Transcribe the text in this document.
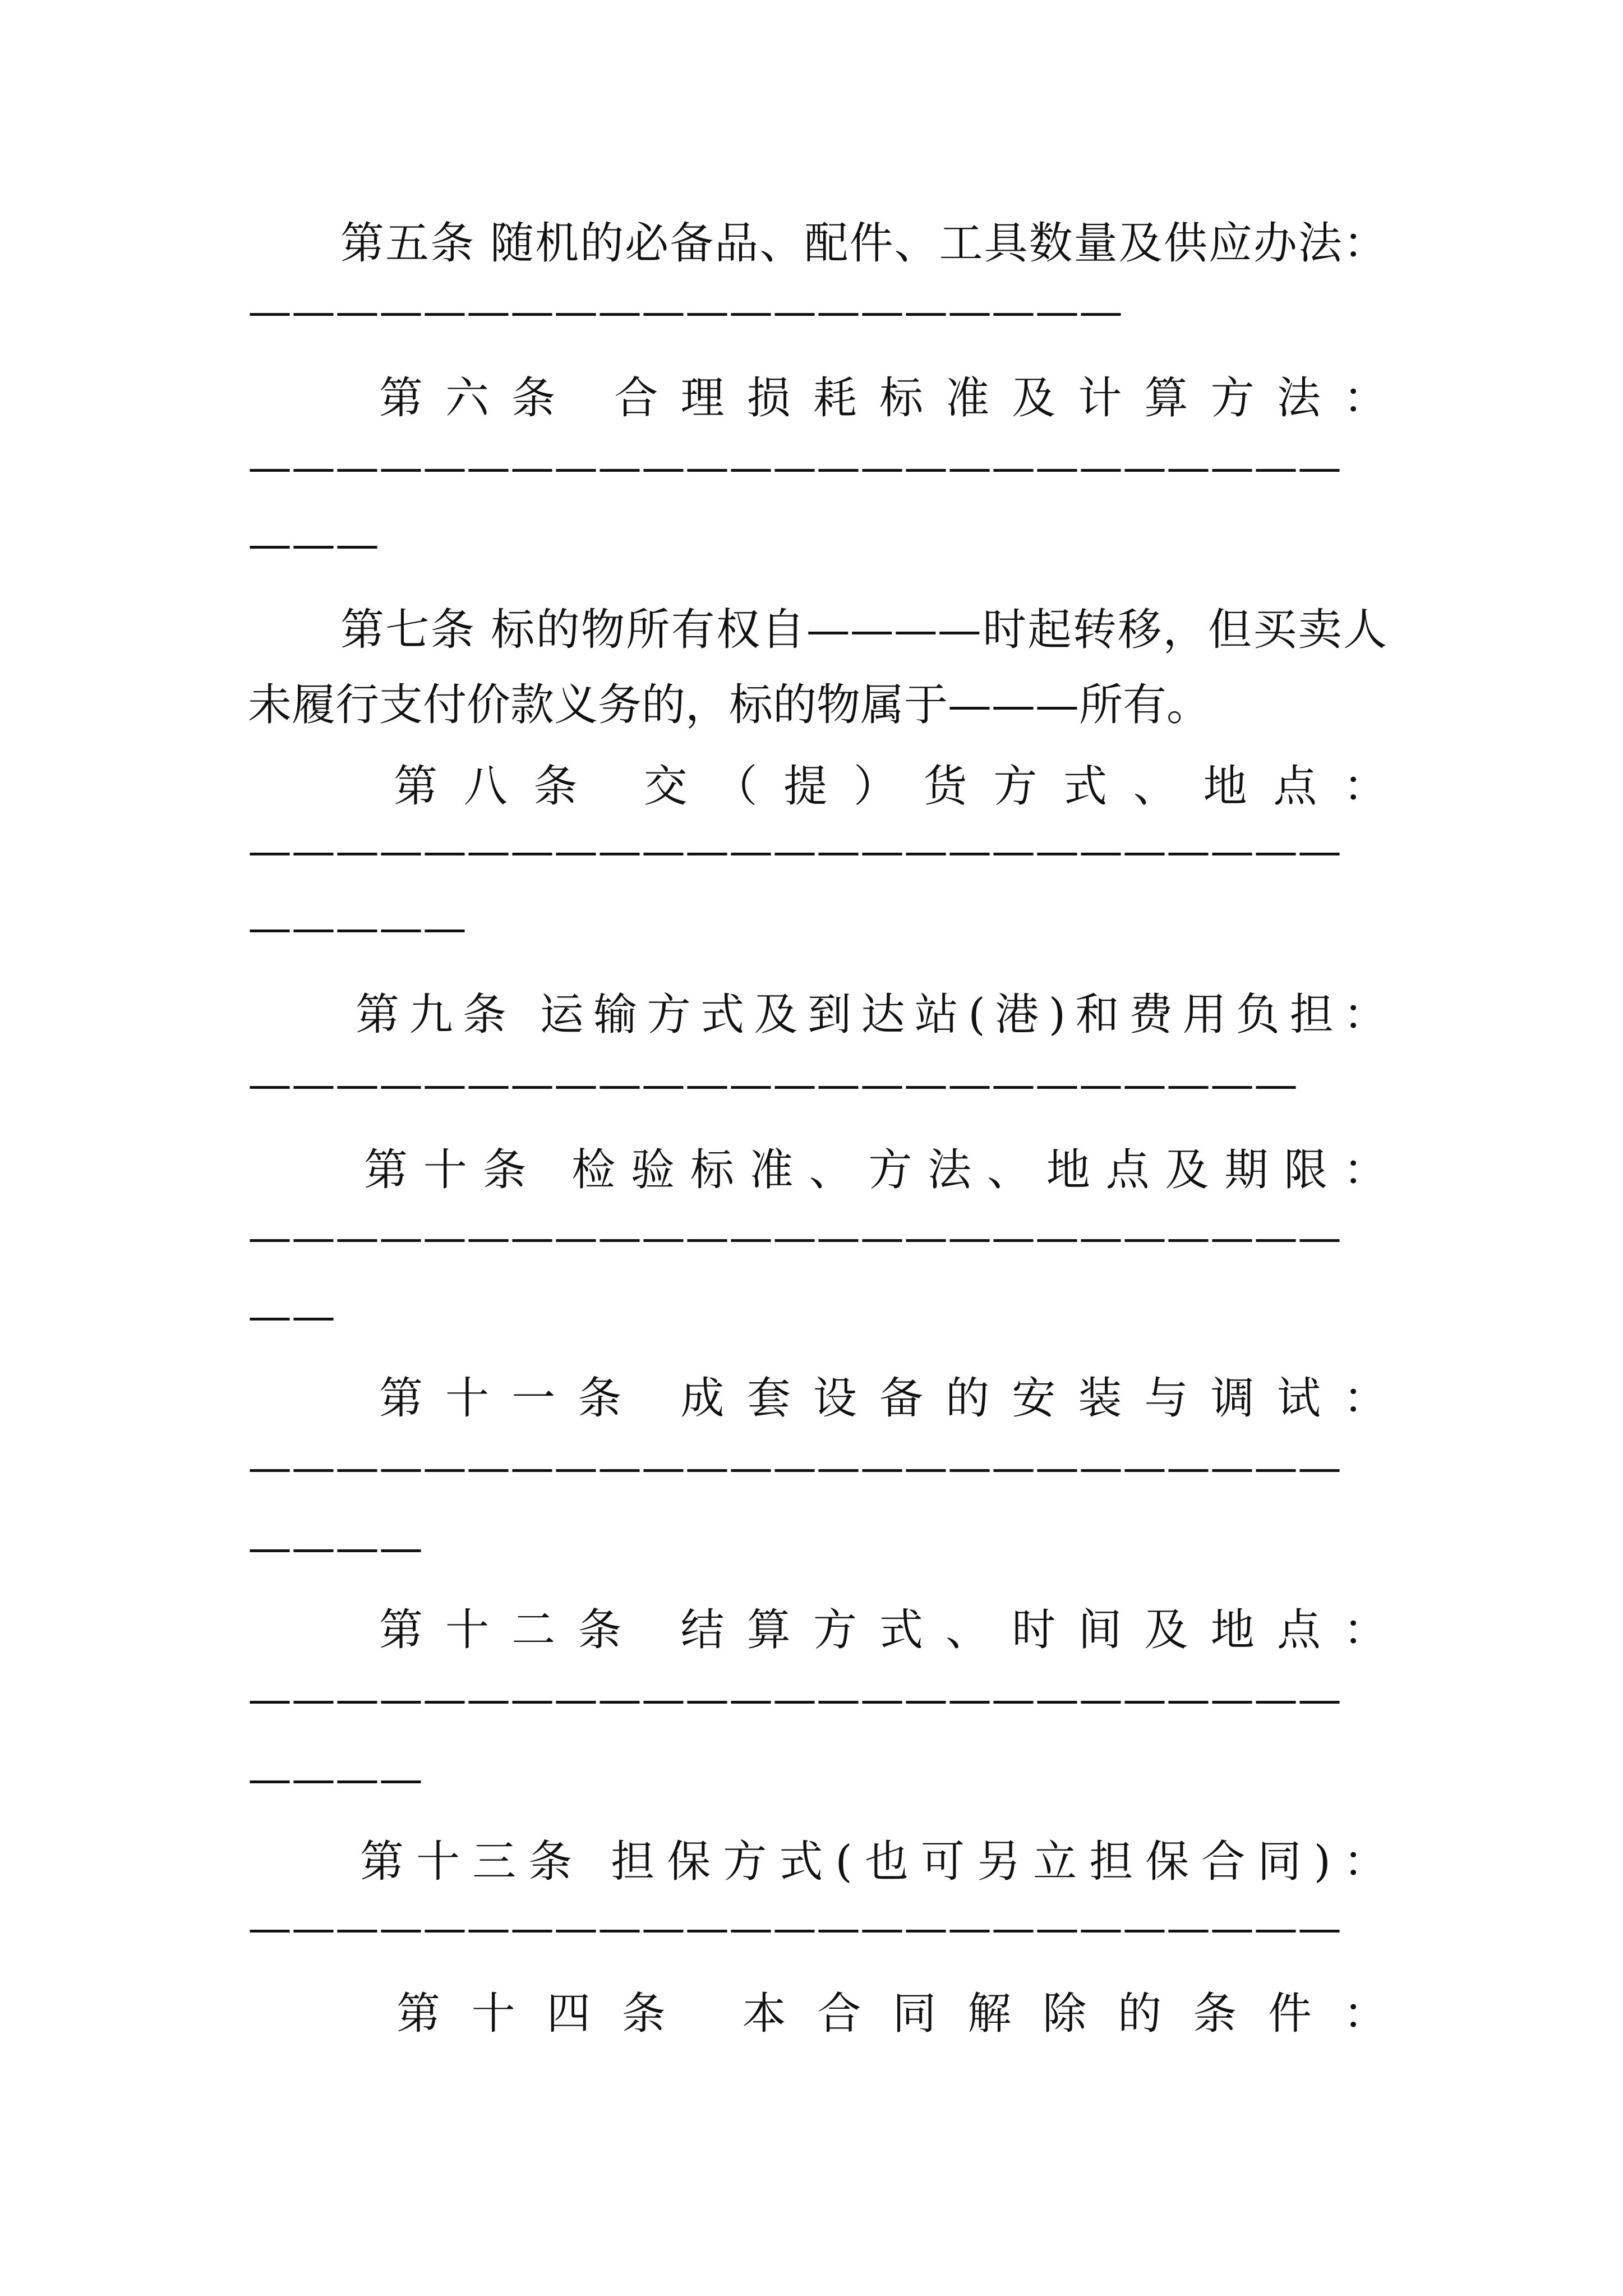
第五条 随机的必备品、配件、工具数量及供应办法：
————————————————————
第六条 合理损耗标准及计算方法：
—————————————————————————
———
第七条 标的物所有权自————时起转移，但买卖人
未履行支付价款义务的，标的物属于———所有。
第八条 交（提）货方式、地点：
—————————————————————————
—————
第九条 运输方式及到达站(港)和费用负担：
————————————————————————
第十条 检验标准、方法、地点及期限：
—————————————————————————
——
第十一条 成套设备的安装与调试：
—————————————————————————
————
第十二条 结算方式、时间及地点：
—————————————————————————
————
第十三条 担保方式(也可另立担保合同)：
—————————————————————————
第十四条 本合同解除的条件：
